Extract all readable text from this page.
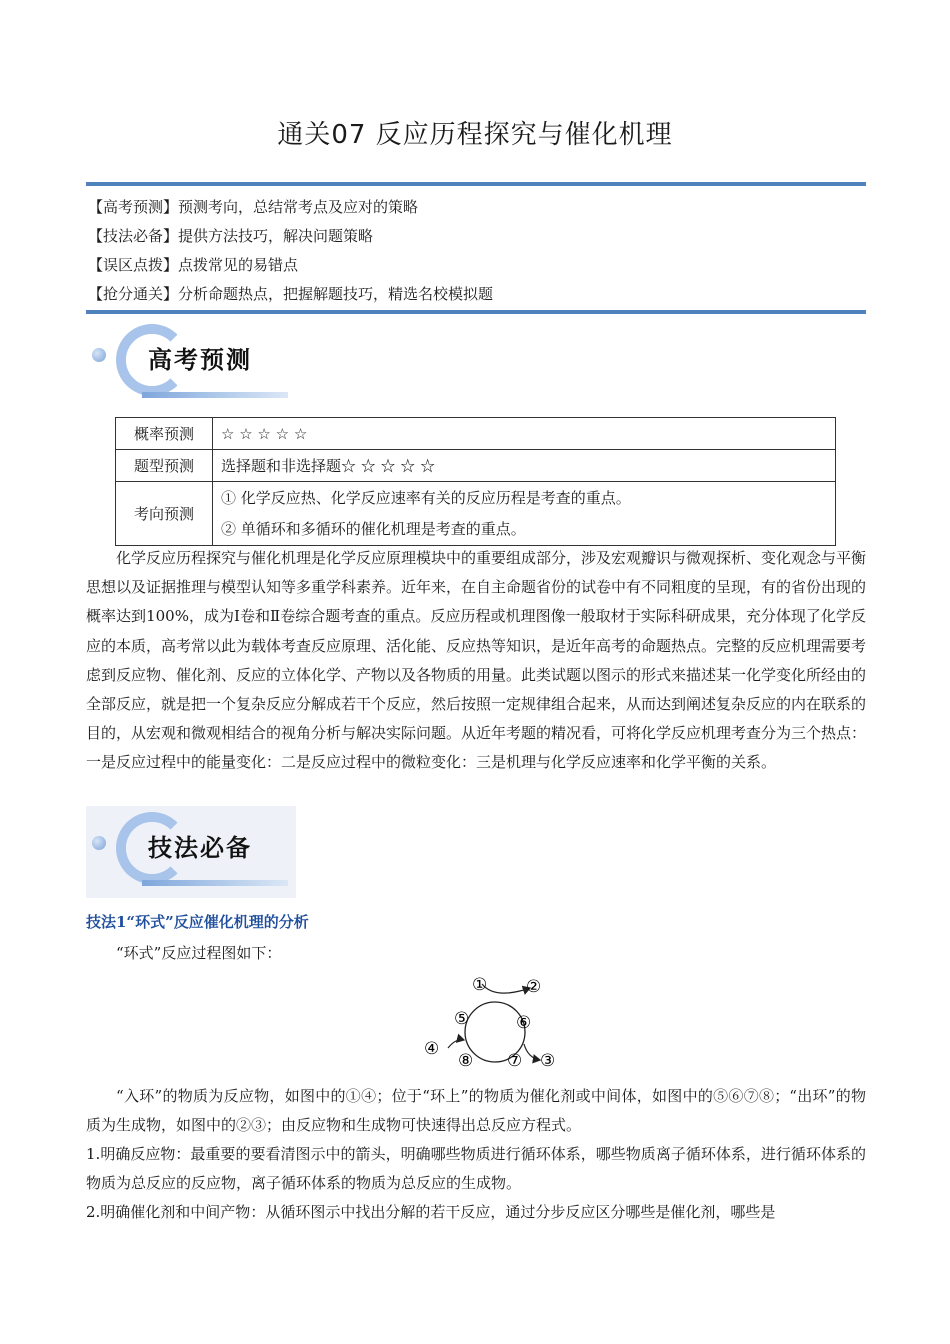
通关07 反应历程探究与催化机理
【高考预测】预测考向，总结常考点及应对的策略
【技法必备】提供方法技巧，解决问题策略
【误区点拨】点拨常见的易错点
【抢分通关】分析命题热点，把握解题技巧，精选名校模拟题
高考预测
概率预测	☆ ☆ ☆ ☆ ☆
题型预测	选择题和非选择题☆ ☆ ☆ ☆ ☆
考向预测	① 化学反应热、化学反应速率有关的反应历程是考查的重点。
② 单循环和多循环的催化机理是考查的重点。
化学反应历程探究与催化机理是化学反应原理模块中的重要组成部分，涉及宏观瓣识与微观探析、变化观念与平衡思想以及证据推理与模型认知等多重学科素养。近年来，在自主命题省份的试卷中有不同粗度的呈现，有的省份出现的概率达到100%，成为Ⅰ卷和Ⅱ卷综合题考查的重点。反应历程或机理图像一般取材于实际科研成果，充分体现了化学反应的本质，高考常以此为载体考查反应原理、活化能、反应热等知识，是近年高考的命题热点。完整的反应机理需要考虑到反应物、催化剂、反应的立体化学、产物以及各物质的用量。此类试题以图示的形式来描述某一化学变化所经由的全部反应，就是把一个复杂反应分解成若干个反应，然后按照一定规律组合起来，从而达到阐述复杂反应的内在联系的目的，从宏观和微观相结合的视角分析与解决实际问题。从近年考题的精况看，可将化学反应机理考查分为三个热点：一是反应过程中的能量变化：二是反应过程中的微粒变化：三是机理与化学反应速率和化学平衡的关系。
技法必备
技法1“环式”反应催化机理的分析
“环式”反应过程图如下：
① ②
③
④
⑤	⑥
⑦
⑧
“入环”的物质为反应物，如图中的①④；位于“环上”的物质为催化剂或中间体，如图中的⑤⑥⑦⑧；“出环”的物质为生成物，如图中的②③；由反应物和生成物可快速得出总反应方程式。
1.明确反应物：最重要的要看清图示中的箭头，明确哪些物质进行循环体系，哪些物质离子循环体系，进行循环体系的物质为总反应的反应物，离子循环体系的物质为总反应的生成物。
2.明确催化剂和中间产物：从循环图示中找出分解的若干反应，通过分步反应区分哪些是催化剂，哪些是
